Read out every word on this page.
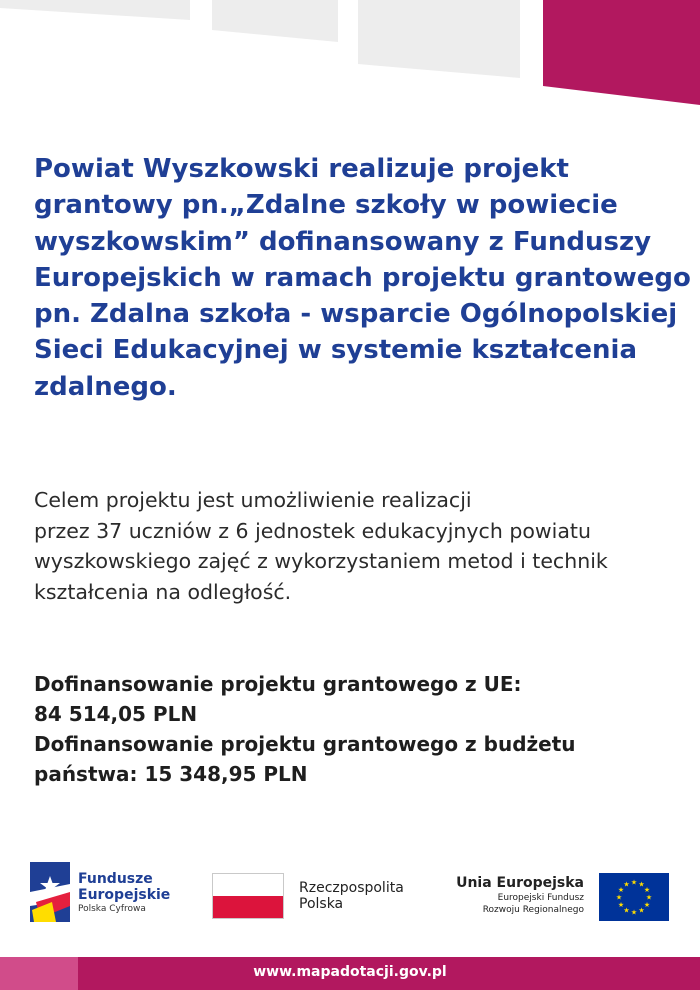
Powiat Wyszkowski realizuje projekt
grantowy pn.„Zdalne szkoły w powiecie
wyszkowskim” dofinansowany z Funduszy
Europejskich w ramach projektu grantowego
pn. Zdalna szkoła - wsparcie Ogólnopolskiej
Sieci Edukacyjnej w systemie kształcenia
zdalnego.
Celem projektu jest umożliwienie realizacji
przez 37 uczniów z 6 jednostek edukacyjnych powiatu
wyszkowskiego zajęć z wykorzystaniem metod i technik
kształcenia na odległość.
Dofinansowanie projektu grantowego z UE:
84 514,05 PLN
Dofinansowanie projektu grantowego z budżetu
państwa: 15 348,95 PLN
Fundusze
Europejskie
Polska Cyfrowa
Rzeczpospolita
Polska
Unia Europejska
Europejski Fundusz
Rozwoju Regionalnego
★ ★
★
★
★
★
★
★
★
★
★
★
www.mapadotacji.gov.pl
